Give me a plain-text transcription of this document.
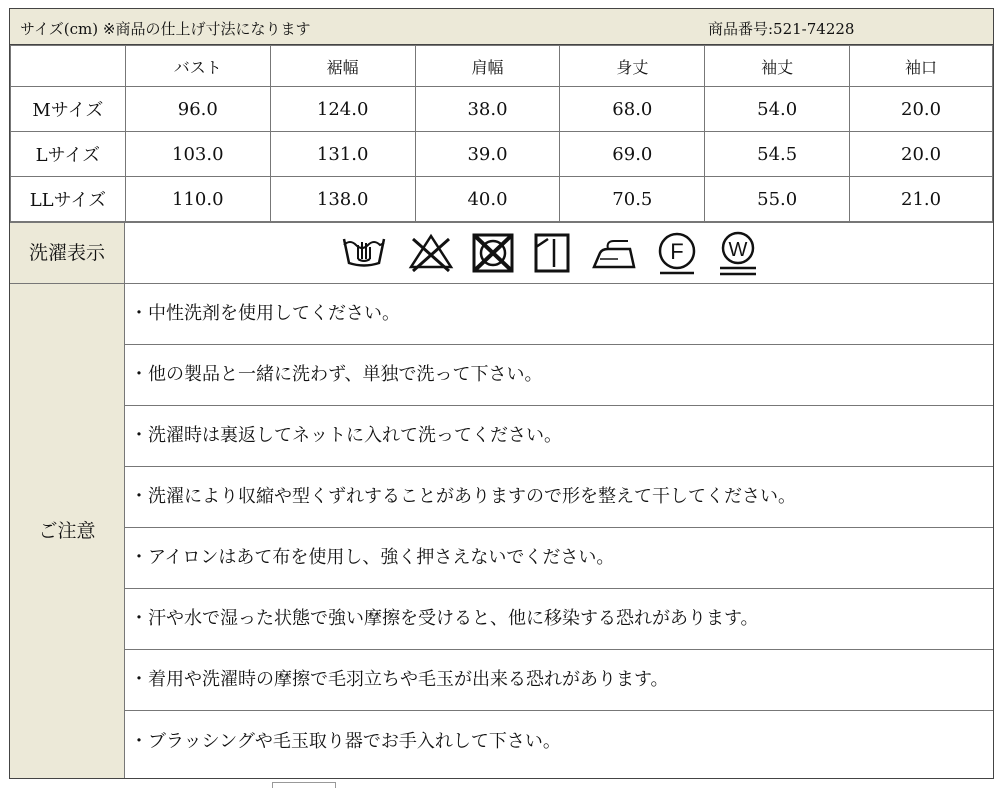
サイズ(cm) ※商品の仕上げ寸法になります	商品番号:521-74228
	バスト	裾幅	肩幅	身丈	袖丈	袖口
Mサイズ	96.0	124.0	38.0	68.0	54.0	20.0
Lサイズ	103.0	131.0	39.0	69.0	54.5	20.0
LLサイズ	110.0	138.0	40.0	70.5	55.0	21.0
洗濯表示	F W
ご注意
・中性洗剤を使用してください。
・他の製品と一緒に洗わず、単独で洗って下さい。
・洗濯時は裏返してネットに入れて洗ってください。
・洗濯により収縮や型くずれすることがありますので形を整えて干してください。
・アイロンはあて布を使用し、強く押さえないでください。
・汗や水で湿った状態で強い摩擦を受けると、他に移染する恐れがあります。
・着用や洗濯時の摩擦で毛羽立ちや毛玉が出来る恐れがあります。
・ブラッシングや毛玉取り器でお手入れして下さい。
